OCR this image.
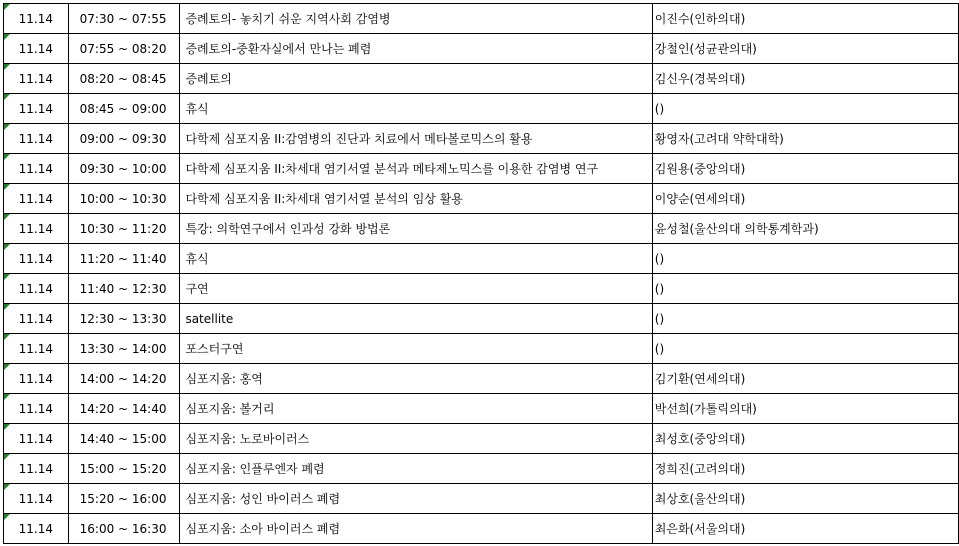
11.14	07:30 ~ 07:55	증례토의- 놓치기 쉬운 지역사회 감염병	이진수(인하의대)
11.14	07:55 ~ 08:20	증례토의-중환자실에서 만나는 폐렴	강철인(성균관의대)
11.14	08:20 ~ 08:45	증례토의	김신우(경북의대)
11.14	08:45 ~ 09:00	휴식	()
11.14	09:00 ~ 09:30	다학제 심포지움 II:감염병의 진단과 치료에서 메타볼로믹스의 활용	황영자(고려대 약학대학)
11.14	09:30 ~ 10:00	다학제 심포지움 II:차세대 염기서열 분석과 메타제노믹스를 이용한 감염병 연구	김원용(중앙의대)
11.14	10:00 ~ 10:30	다학제 심포지움 II:차세대 염기서열 분석의 임상 활용	이양순(연세의대)
11.14	10:30 ~ 11:20	특강: 의학연구에서 인과성 강화 방법론	윤성철(울산의대 의학통계학과)
11.14	11:20 ~ 11:40	휴식	()
11.14	11:40 ~ 12:30	구연	()
11.14	12:30 ~ 13:30	satellite	()
11.14	13:30 ~ 14:00	포스터구연	()
11.14	14:00 ~ 14:20	심포지움: 홍역	김기환(연세의대)
11.14	14:20 ~ 14:40	심포지움: 볼거리	박선희(가톨릭의대)
11.14	14:40 ~ 15:00	심포지움: 노로바이러스	최성호(중앙의대)
11.14	15:00 ~ 15:20	심포지움: 인플루엔자 폐렴	정희진(고려의대)
11.14	15:20 ~ 16:00	심포지움: 성인 바이러스 폐렴	최상호(울산의대)
11.14	16:00 ~ 16:30	심포지움: 소아 바이러스 폐렴	최은화(서울의대)
